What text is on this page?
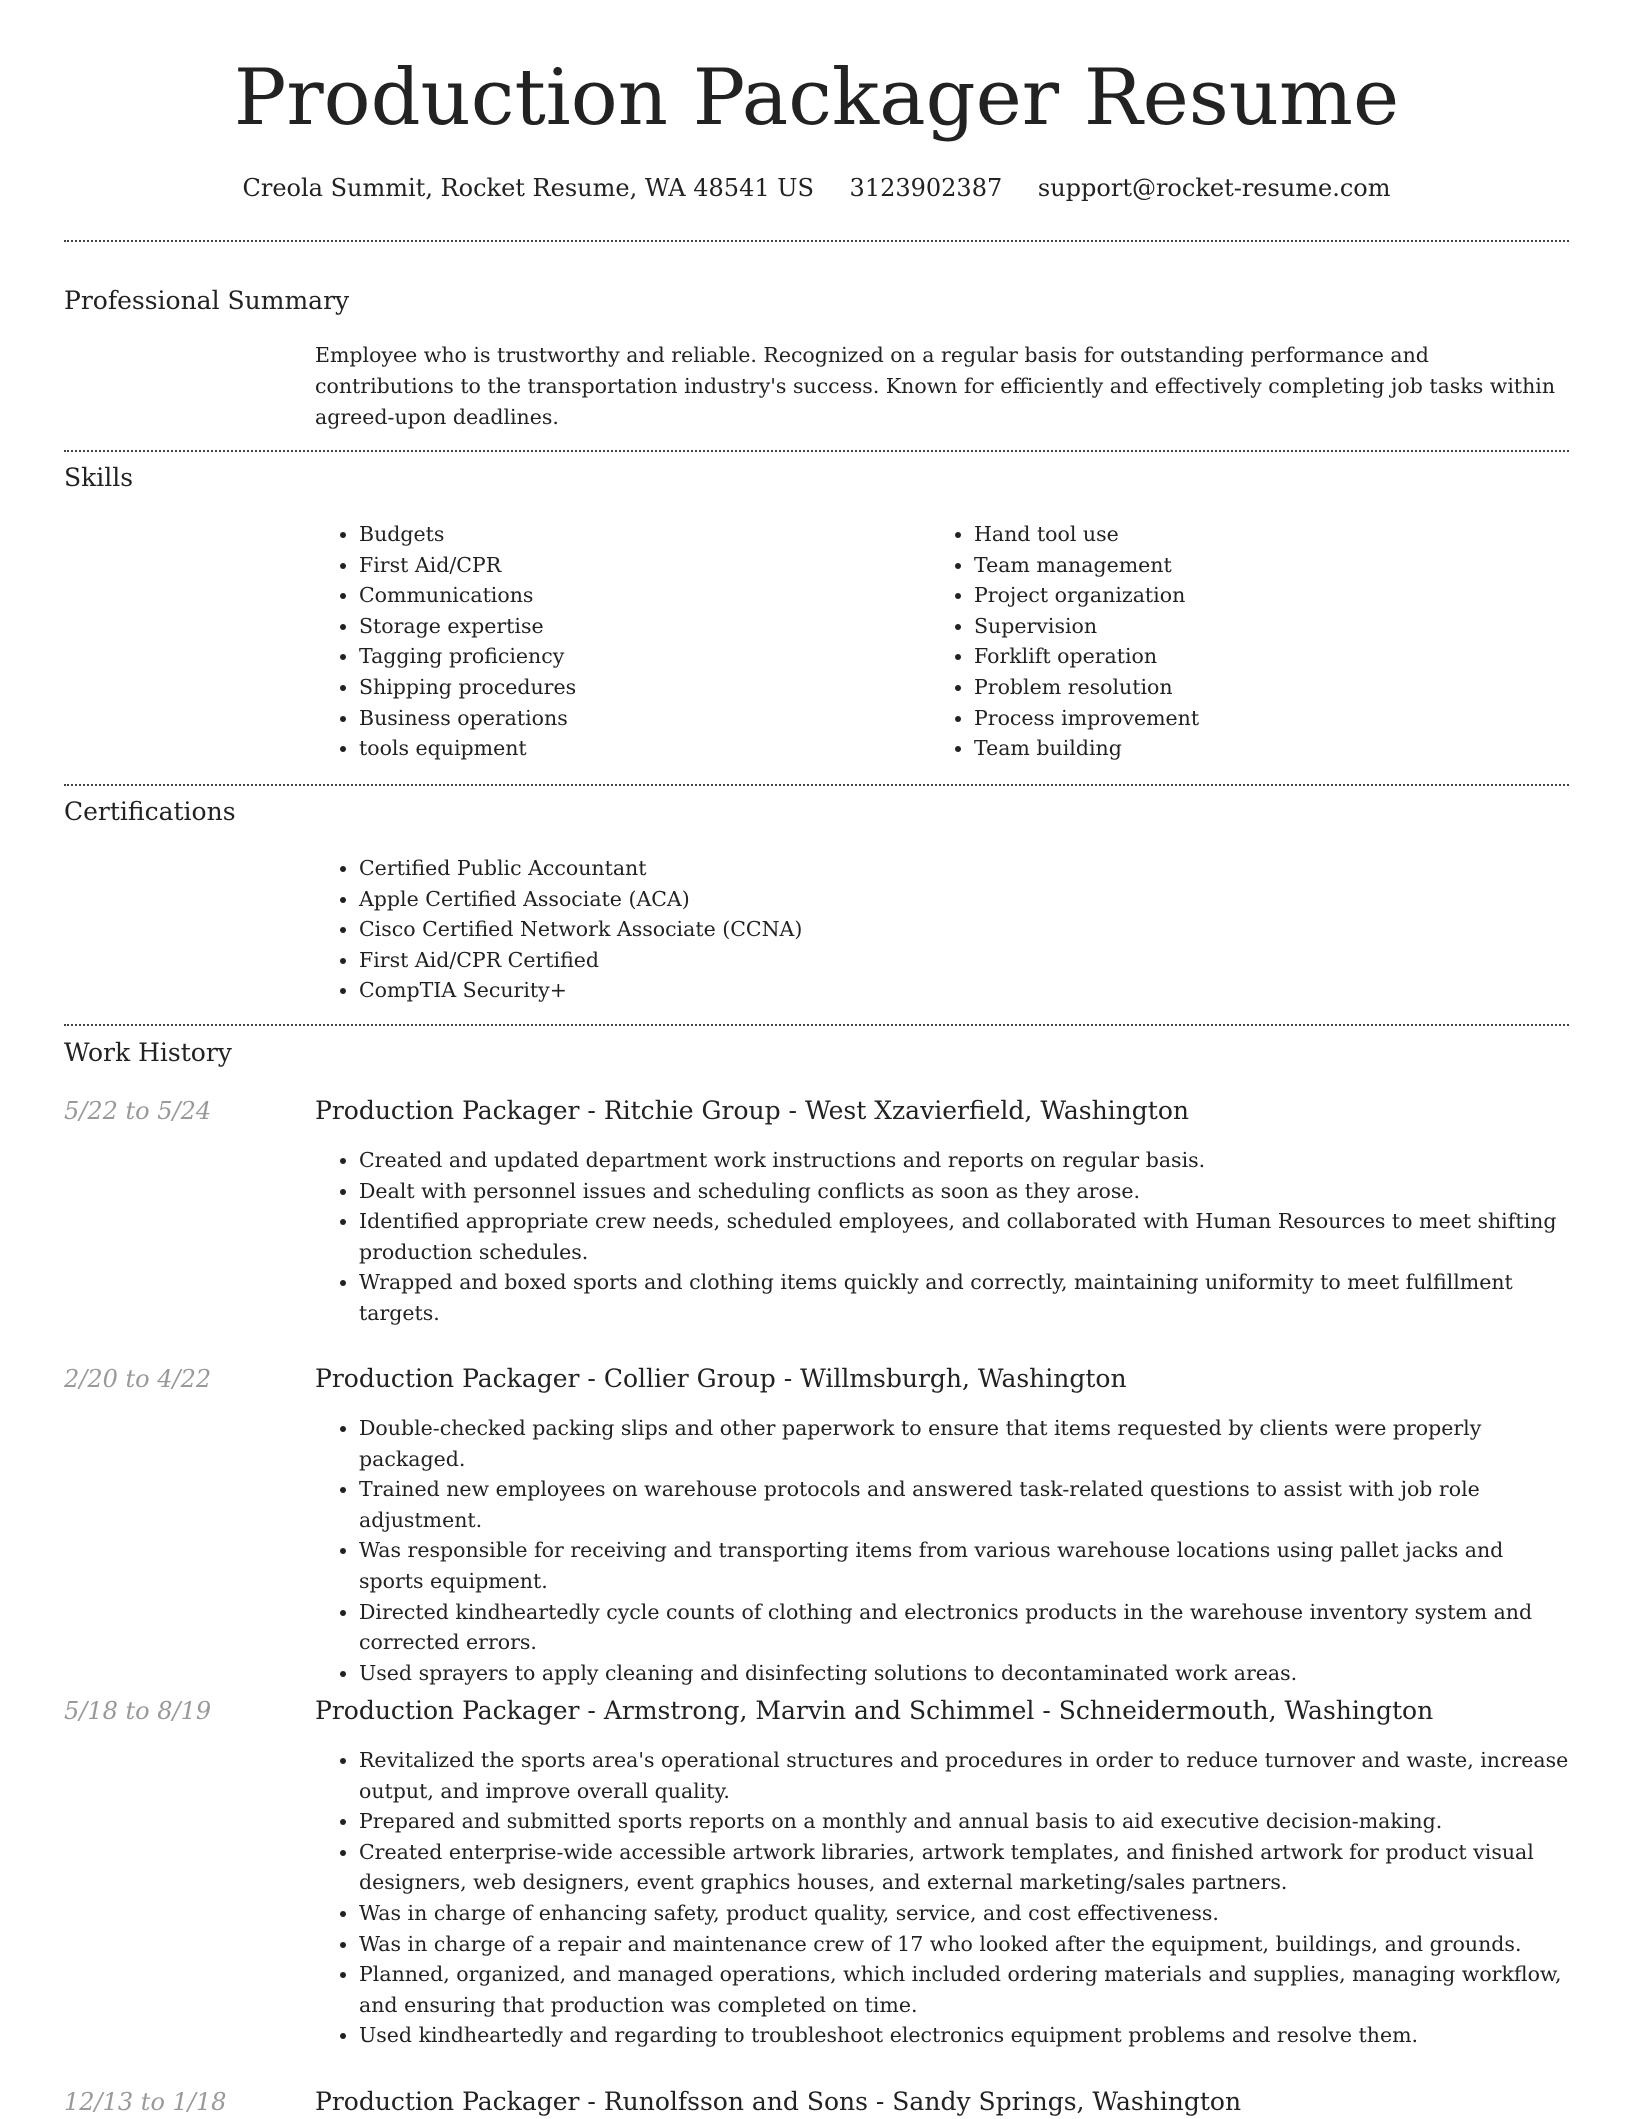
Production Packager Resume
Creola Summit, Rocket Resume, WA 48541 US 3123902387 support@rocket-resume.com
Professional Summary

Employee who is trustworthy and reliable. Recognized on a regular basis for outstanding performance and contributions to the transportation industry's success. Known for efficiently and effectively completing job tasks within agreed-upon deadlines.

Skills
• Budgets
• First Aid/CPR
• Communications
• Storage expertise
• Tagging proficiency
• Shipping procedures
• Business operations
• tools equipment
• Hand tool use
• Team management
• Project organization
• Supervision
• Forklift operation
• Problem resolution
• Process improvement
• Team building
Certifications
• Certified Public Accountant
• Apple Certified Associate (ACA)
• Cisco Certified Network Associate (CCNA)
• First Aid/CPR Certified
• CompTIA Security+
Work History
5/22 to 5/24	Production Packager - Ritchie Group - West Xzavierfield, Washington
• Created and updated department work instructions and reports on regular basis.
• Dealt with personnel issues and scheduling conflicts as soon as they arose.
• Identified appropriate crew needs, scheduled employees, and collaborated with Human Resources to meet shifting production schedules.
• Wrapped and boxed sports and clothing items quickly and correctly, maintaining uniformity to meet fulfillment targets.
2/20 to 4/22	Production Packager - Collier Group - Willmsburgh, Washington
• Double-checked packing slips and other paperwork to ensure that items requested by clients were properly packaged.
• Trained new employees on warehouse protocols and answered task-related questions to assist with job role adjustment.
• Was responsible for receiving and transporting items from various warehouse locations using pallet jacks and sports equipment.
• Directed kindheartedly cycle counts of clothing and electronics products in the warehouse inventory system and corrected errors.
• Used sprayers to apply cleaning and disinfecting solutions to decontaminated work areas.
5/18 to 8/19	Production Packager - Armstrong, Marvin and Schimmel - Schneidermouth, Washington
• Revitalized the sports area's operational structures and procedures in order to reduce turnover and waste, increase output, and improve overall quality.
• Prepared and submitted sports reports on a monthly and annual basis to aid executive decision-making.
• Created enterprise-wide accessible artwork libraries, artwork templates, and finished artwork for product visual designers, web designers, event graphics houses, and external marketing/sales partners.
• Was in charge of enhancing safety, product quality, service, and cost effectiveness.
• Was in charge of a repair and maintenance crew of 17 who looked after the equipment, buildings, and grounds.
• Planned, organized, and managed operations, which included ordering materials and supplies, managing workflow, and ensuring that production was completed on time.
• Used kindheartedly and regarding to troubleshoot electronics equipment problems and resolve them.
12/13 to 1/18	Production Packager - Runolfsson and Sons - Sandy Springs, Washington
